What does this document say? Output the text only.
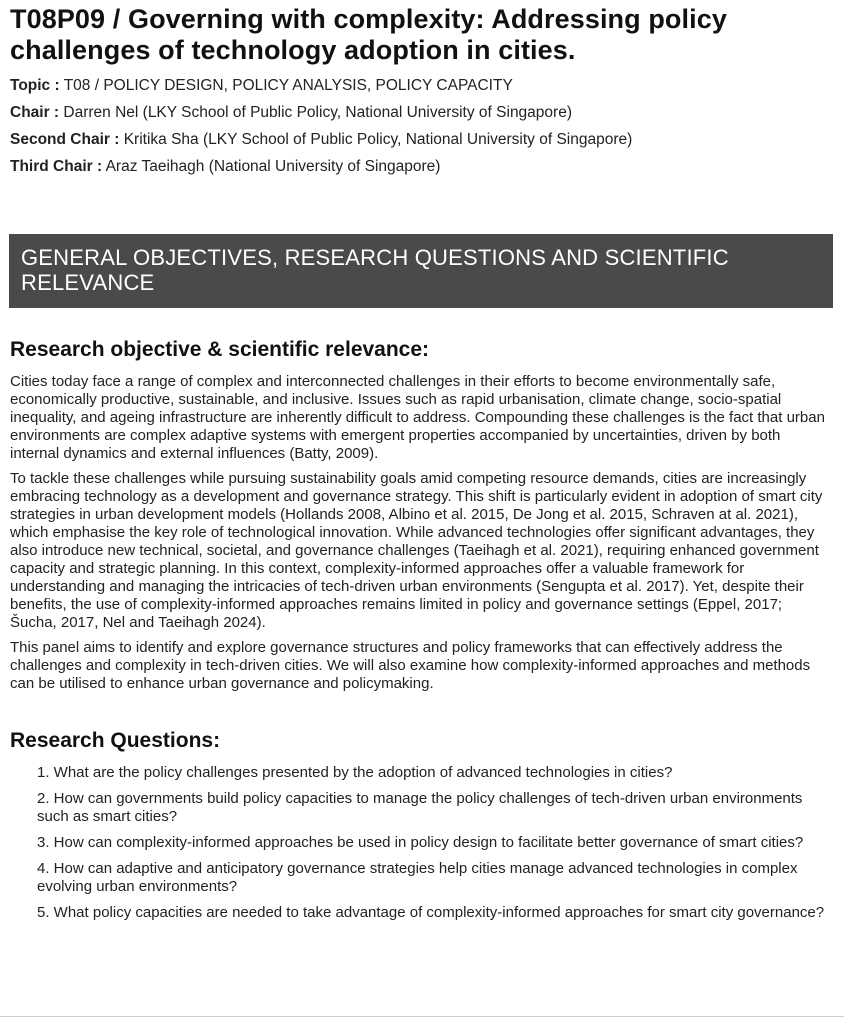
T08P09 / Governing with complexity: Addressing policy challenges of technology adoption in cities.
Topic : T08 / POLICY DESIGN, POLICY ANALYSIS, POLICY CAPACITY
Chair : Darren Nel (LKY School of Public Policy, National University of Singapore)
Second Chair : Kritika Sha (LKY School of Public Policy, National University of Singapore)
Third Chair : Araz Taeihagh (National University of Singapore)
GENERAL OBJECTIVES, RESEARCH QUESTIONS AND SCIENTIFIC RELEVANCE
Research objective & scientific relevance:

Cities today face a range of complex and interconnected challenges in their efforts to become environmentally safe, economically productive, sustainable, and inclusive. Issues such as rapid urbanisation, climate change, socio-spatial inequality, and ageing infrastructure are inherently difficult to address. Compounding these challenges is the fact that urban environments are complex adaptive systems with emergent properties accompanied by uncertainties, driven by both internal dynamics and external influences (Batty, 2009).

To tackle these challenges while pursuing sustainability goals amid competing resource demands, cities are increasingly embracing technology as a development and governance strategy. This shift is particularly evident in adoption of smart city strategies in urban development models (Hollands 2008, Albino et al. 2015, De Jong et al. 2015, Schraven at al. 2021), which emphasise the key role of technological innovation. While advanced technologies offer significant advantages, they also introduce new technical, societal, and governance challenges (Taeihagh et al. 2021), requiring enhanced government capacity and strategic planning. In this context, complexity-informed approaches offer a valuable framework for understanding and managing the intricacies of tech-driven urban environments (Sengupta et al. 2017). Yet, despite their benefits, the use of complexity-informed approaches remains limited in policy and governance settings (Eppel, 2017; Šucha, 2017, Nel and Taeihagh 2024).

This panel aims to identify and explore governance structures and policy frameworks that can effectively address the challenges and complexity in tech-driven cities. We will also examine how complexity-informed approaches and methods can be utilised to enhance urban governance and policymaking.

Research Questions:
1. What are the policy challenges presented by the adoption of advanced technologies in cities?
2. How can governments build policy capacities to manage the policy challenges of tech-driven urban environments such as smart cities?
3. How can complexity-informed approaches be used in policy design to facilitate better governance of smart cities?
4. How can adaptive and anticipatory governance strategies help cities manage advanced technologies in complex evolving urban environments?
5. What policy capacities are needed to take advantage of complexity-informed approaches for smart city governance?
